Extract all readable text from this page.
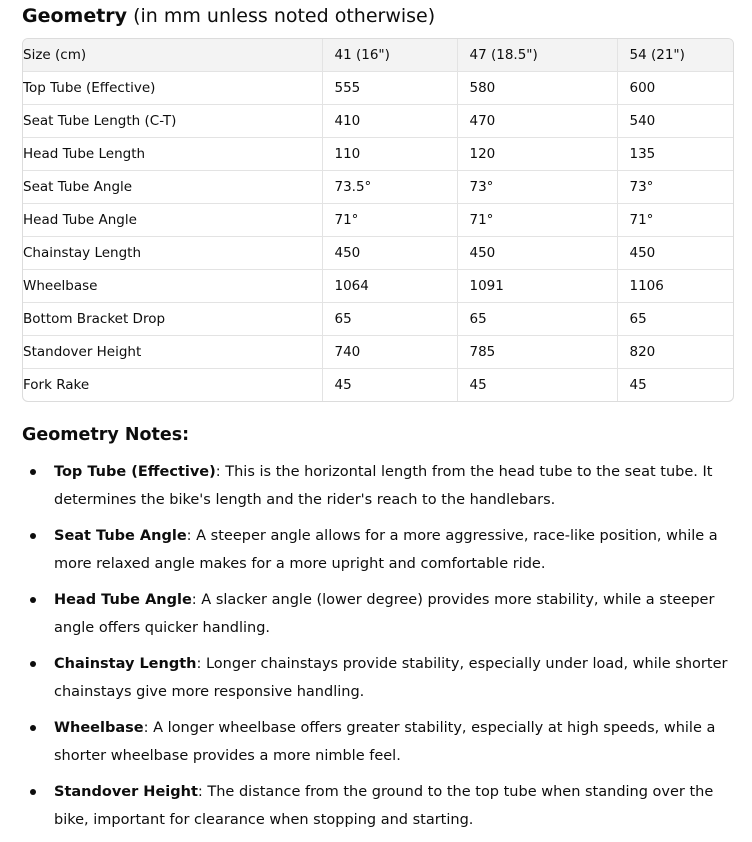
Geometry (in mm unless noted otherwise)
Size (cm)	41 (16")	47 (18.5")	54 (21")
Top Tube (Effective)	555	580	600
Seat Tube Length (C-T)	410	470	540
Head Tube Length	110	120	135
Seat Tube Angle	73.5°	73°	73°
Head Tube Angle	71°	71°	71°
Chainstay Length	450	450	450
Wheelbase	1064	1091	1106
Bottom Bracket Drop	65	65	65
Standover Height	740	785	820
Fork Rake	45	45	45
Geometry Notes:
Top Tube (Effective): This is the horizontal length from the head tube to the seat tube. It determines the bike's length and the rider's reach to the handlebars.
Seat Tube Angle: A steeper angle allows for a more aggressive, race-like position, while a more relaxed angle makes for a more upright and comfortable ride.
Head Tube Angle: A slacker angle (lower degree) provides more stability, while a steeper angle offers quicker handling.
Chainstay Length: Longer chainstays provide stability, especially under load, while shorter chainstays give more responsive handling.
Wheelbase: A longer wheelbase offers greater stability, especially at high speeds, while a shorter wheelbase provides a more nimble feel.
Standover Height: The distance from the ground to the top tube when standing over the bike, important for clearance when stopping and starting.
